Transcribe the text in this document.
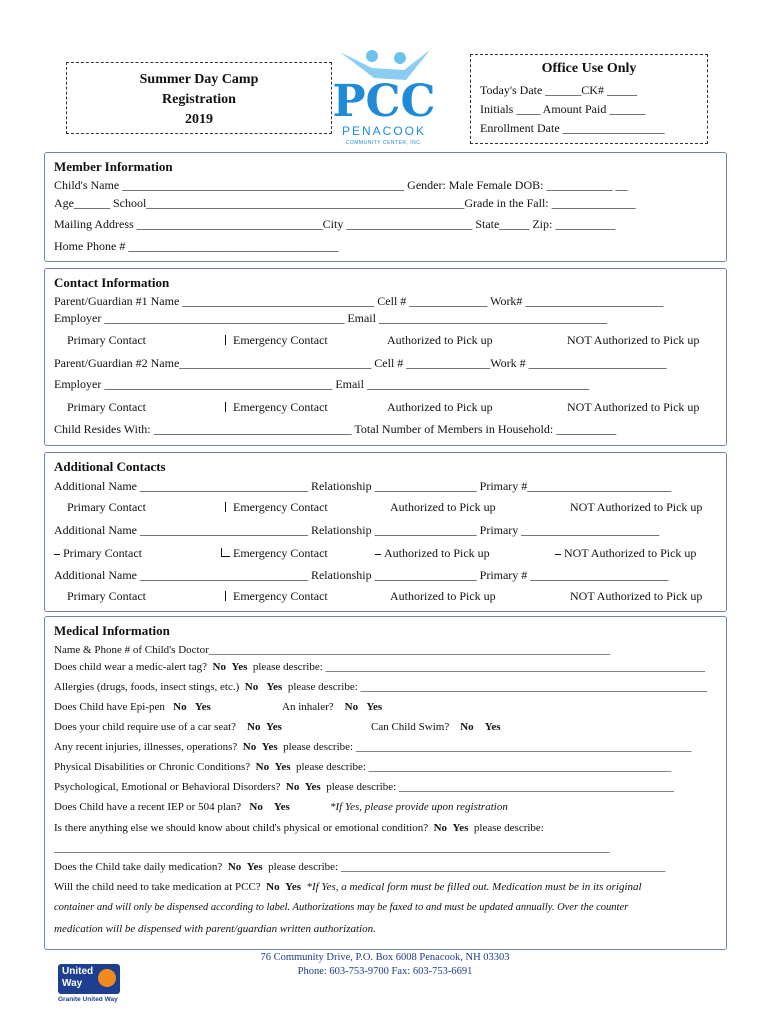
Summer Day Camp
Registration
2019	PCC
PENACOOK
COMMUNITY CENTER, INC.
Office Use Only
Today's Date ______CK# _____
Initials ____ Amount Paid ______
Enrollment Date _________________
Member Information
Child's Name _______________________________________________ Gender: Male Female DOB: ___________ __
Age______ School_____________________________________________________Grade in the Fall: ______________
Mailing Address _______________________________City _____________________ State_____ Zip: __________
Home Phone # ___________________________________
Contact Information
Parent/Guardian #1 Name ________________________________ Cell # _____________ Work# _______________________
Employer ________________________________________ Email ______________________________________
Primary Contact	Emergency Contact	Authorized to Pick up	NOT Authorized to Pick up
Parent/Guardian #2 Name________________________________ Cell # ______________Work # _______________________
Employer ______________________________________ Email _____________________________________
Primary Contact	Emergency Contact	Authorized to Pick up	NOT Authorized to Pick up
Child Resides With: _________________________________ Total Number of Members in Household: __________
Additional Contacts
Additional Name ____________________________ Relationship _________________ Primary #________________________
Primary Contact	Emergency Contact	Authorized to Pick up	NOT Authorized to Pick up
Additional Name ____________________________ Relationship _________________ Primary _______________________
Primary Contact	Emergency Contact	Authorized to Pick up	NOT Authorized to Pick up
Additional Name ____________________________ Relationship _________________ Primary # _______________________
Primary Contact	Emergency Contact	Authorized to Pick up	NOT Authorized to Pick up
Medical Information
Name & Phone # of Child's Doctor_________________________________________________________________________
Does child wear a medic-alert tag? No Yes please describe: _____________________________________________________________________
Allergies (drugs, foods, insect stings, etc.) No Yes please describe: _______________________________________________________________
Does Child have Epi-pen No Yes	An inhaler? No Yes
Does your child require use of a car seat? No Yes	Can Child Swim? No Yes
Any recent injuries, illnesses, operations? No Yes please describe: _____________________________________________________________
Physical Disabilities or Chronic Conditions? No Yes please describe: _______________________________________________________
Psychological, Emotional or Behavioral Disorders? No Yes please describe: __________________________________________________
Does Child have a recent IEP or 504 plan? No Yes	*If Yes, please provide upon registration
Is there anything else we should know about child's physical or emotional condition? No Yes please describe:
_____________________________________________________________________________________________________
Does the Child take daily medication? No Yes please describe: ___________________________________________________________
Will the child need to take medication at PCC? No Yes *If Yes, a medical form must be filled out. Medication must be in its original
container and will only be dispensed according to label. Authorizations may be faxed to and must be updated annually. Over the counter
medication will be dispensed with parent/guardian written authorization.
76 Community Drive, P.O. Box 6008 Penacook, NH 03303
Phone: 603-753-9700 Fax: 603-753-6691
United
Way
Granite United Way
